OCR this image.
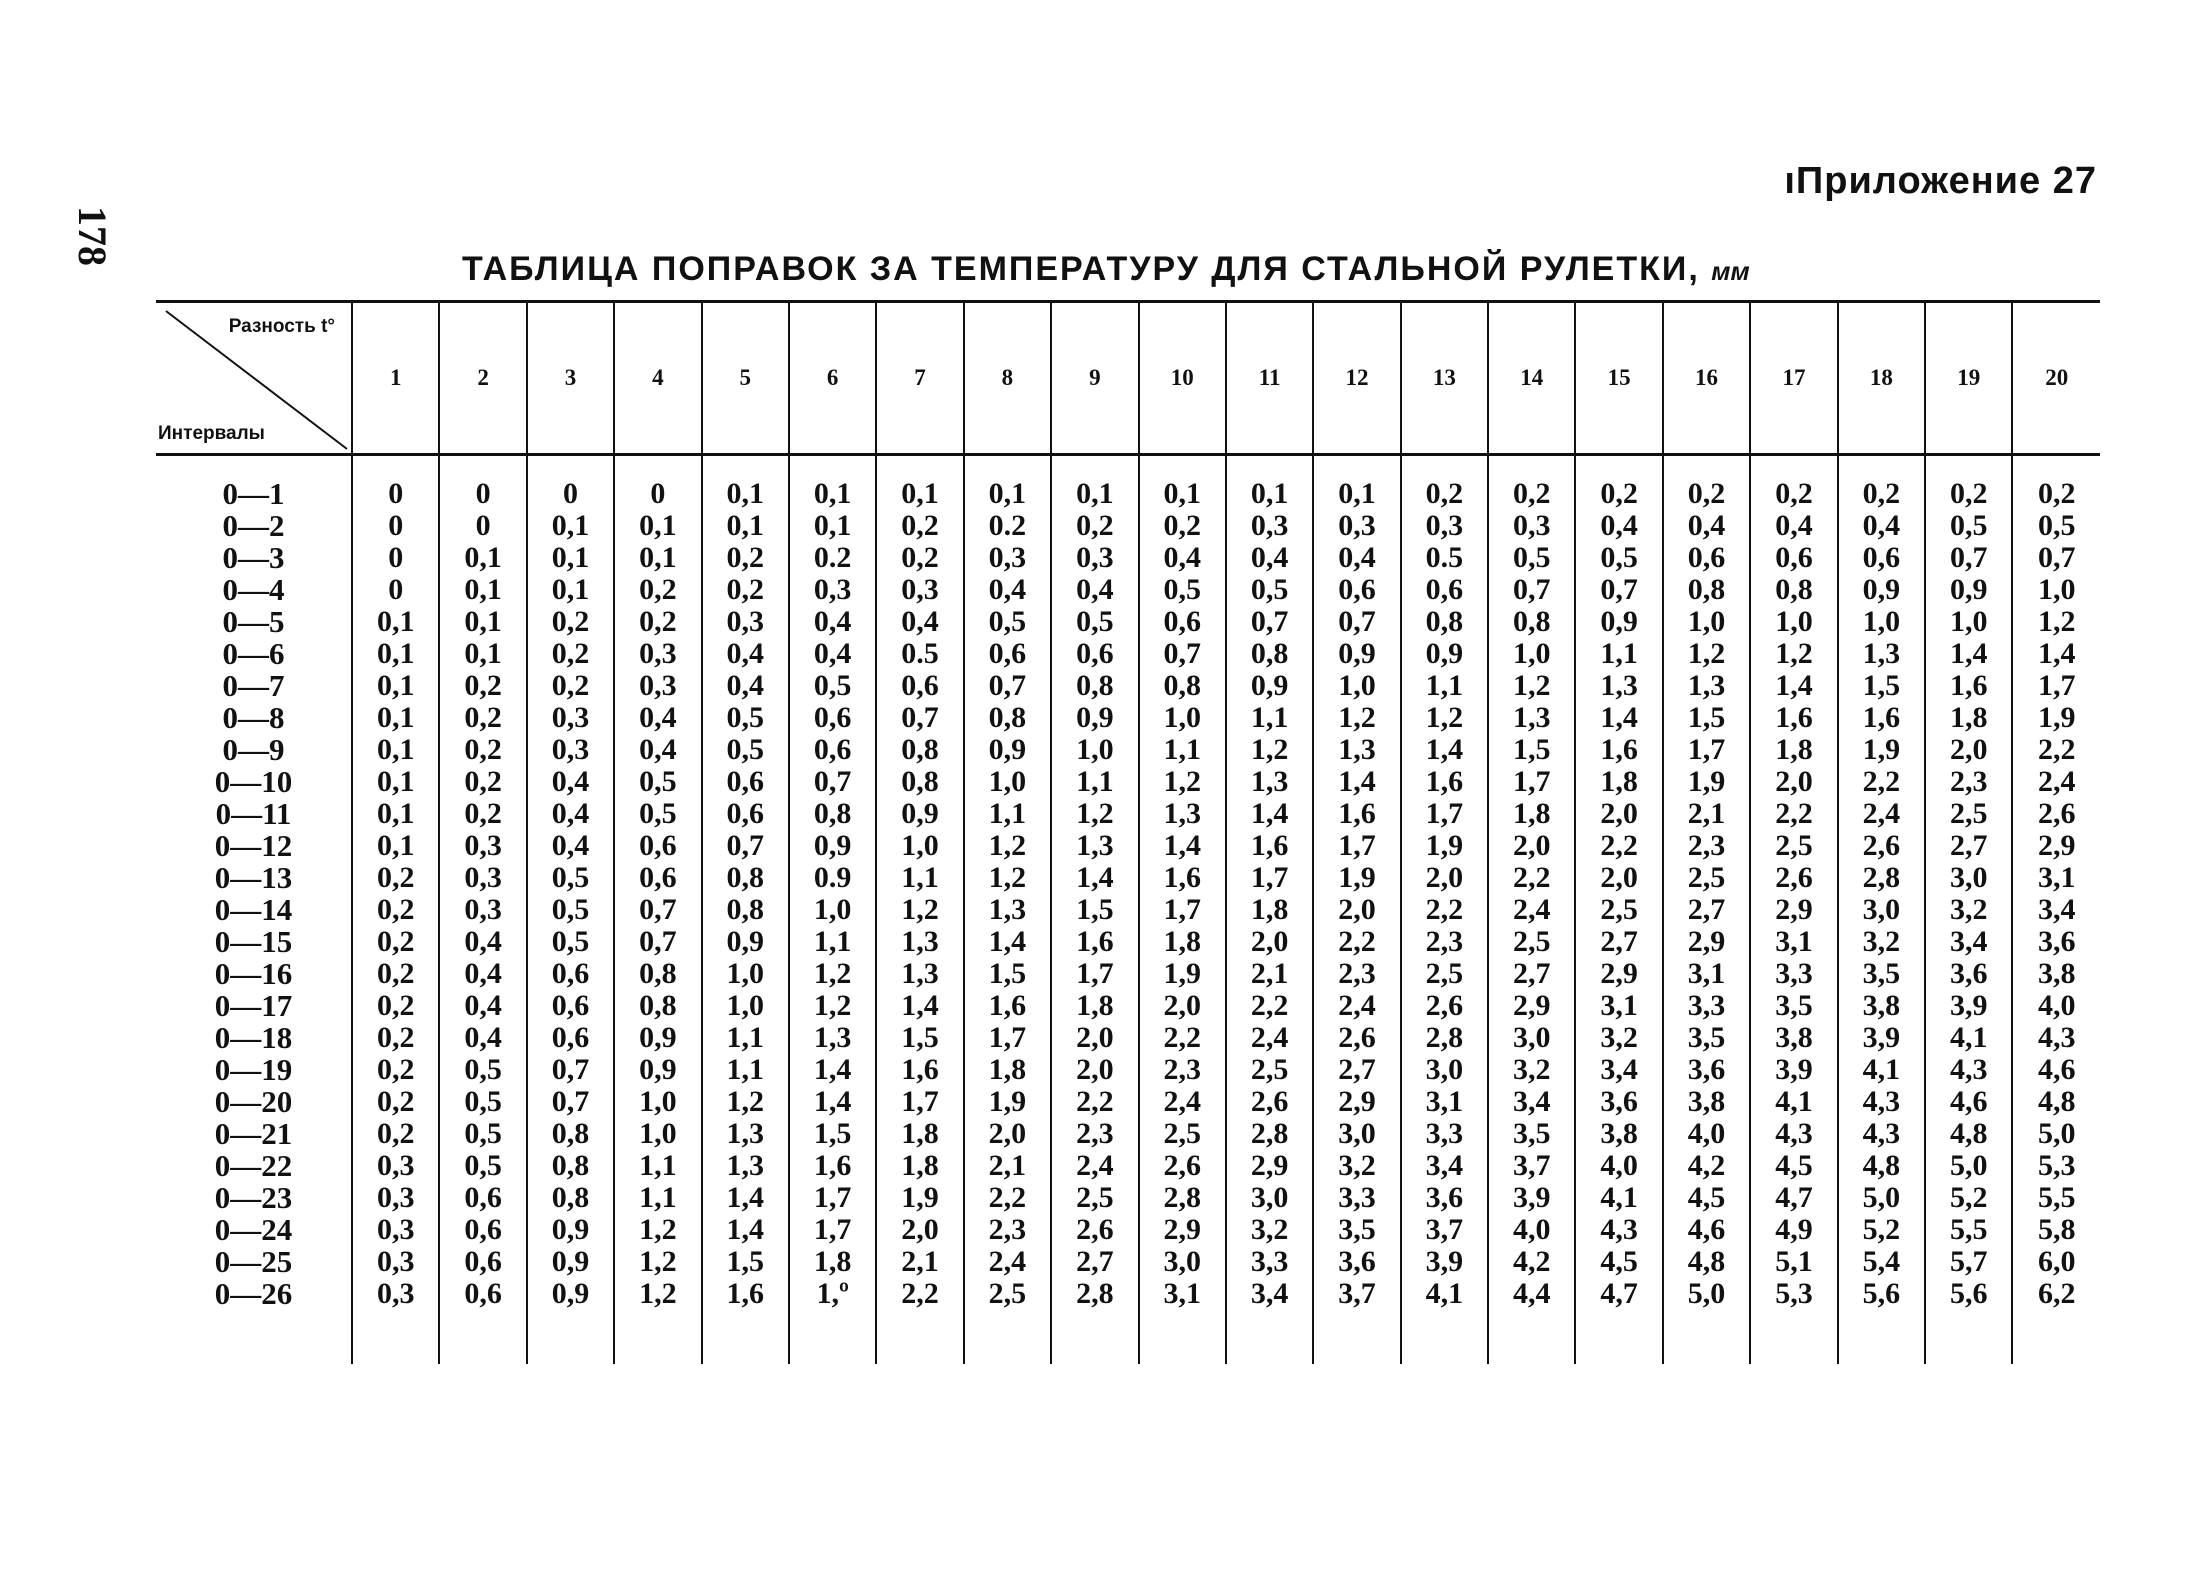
178
ıПриложение 27
ТАБЛИЦА ПОПРАВОК ЗА ТЕМПЕРАТУРУ ДЛЯ СТАЛЬНОЙ РУЛЕТКИ, мм
Разность t°
Интервалы	1	2	3	4	5	6	7	8	9	10	11	12	13	14	15	16	17	18	19	20
0—1	0	0	0	0	0,1	0,1	0,1	0,1	0,1	0,1	0,1	0,1	0,2	0,2	0,2	0,2	0,2	0,2	0,2	0,2
0—2	0	0	0,1	0,1	0,1	0,1	0,2	0.2	0,2	0,2	0,3	0,3	0,3	0,3	0,4	0,4	0,4	0,4	0,5	0,5
0—3	0	0,1	0,1	0,1	0,2	0.2	0,2	0,3	0,3	0,4	0,4	0,4	0.5	0,5	0,5	0,6	0,6	0,6	0,7	0,7
0—4	0	0,1	0,1	0,2	0,2	0,3	0,3	0,4	0,4	0,5	0,5	0,6	0,6	0,7	0,7	0,8	0,8	0,9	0,9	1,0
0—5	0,1	0,1	0,2	0,2	0,3	0,4	0,4	0,5	0,5	0,6	0,7	0,7	0,8	0,8	0,9	1,0	1,0	1,0	1,0	1,2
0—6	0,1	0,1	0,2	0,3	0,4	0,4	0.5	0,6	0,6	0,7	0,8	0,9	0,9	1,0	1,1	1,2	1,2	1,3	1,4	1,4
0—7	0,1	0,2	0,2	0,3	0,4	0,5	0,6	0,7	0,8	0,8	0,9	1,0	1,1	1,2	1,3	1,3	1,4	1,5	1,6	1,7
0—8	0,1	0,2	0,3	0,4	0,5	0,6	0,7	0,8	0,9	1,0	1,1	1,2	1,2	1,3	1,4	1,5	1,6	1,6	1,8	1,9
0—9	0,1	0,2	0,3	0,4	0,5	0,6	0,8	0,9	1,0	1,1	1,2	1,3	1,4	1,5	1,6	1,7	1,8	1,9	2,0	2,2
0—10	0,1	0,2	0,4	0,5	0,6	0,7	0,8	1,0	1,1	1,2	1,3	1,4	1,6	1,7	1,8	1,9	2,0	2,2	2,3	2,4
0—11	0,1	0,2	0,4	0,5	0,6	0,8	0,9	1,1	1,2	1,3	1,4	1,6	1,7	1,8	2,0	2,1	2,2	2,4	2,5	2,6
0—12	0,1	0,3	0,4	0,6	0,7	0,9	1,0	1,2	1,3	1,4	1,6	1,7	1,9	2,0	2,2	2,3	2,5	2,6	2,7	2,9
0—13	0,2	0,3	0,5	0,6	0,8	0.9	1,1	1,2	1,4	1,6	1,7	1,9	2,0	2,2	2,0	2,5	2,6	2,8	3,0	3,1
0—14	0,2	0,3	0,5	0,7	0,8	1,0	1,2	1,3	1,5	1,7	1,8	2,0	2,2	2,4	2,5	2,7	2,9	3,0	3,2	3,4
0—15	0,2	0,4	0,5	0,7	0,9	1,1	1,3	1,4	1,6	1,8	2,0	2,2	2,3	2,5	2,7	2,9	3,1	3,2	3,4	3,6
0—16	0,2	0,4	0,6	0,8	1,0	1,2	1,3	1,5	1,7	1,9	2,1	2,3	2,5	2,7	2,9	3,1	3,3	3,5	3,6	3,8
0—17	0,2	0,4	0,6	0,8	1,0	1,2	1,4	1,6	1,8	2,0	2,2	2,4	2,6	2,9	3,1	3,3	3,5	3,8	3,9	4,0
0—18	0,2	0,4	0,6	0,9	1,1	1,3	1,5	1,7	2,0	2,2	2,4	2,6	2,8	3,0	3,2	3,5	3,8	3,9	4,1	4,3
0—19	0,2	0,5	0,7	0,9	1,1	1,4	1,6	1,8	2,0	2,3	2,5	2,7	3,0	3,2	3,4	3,6	3,9	4,1	4,3	4,6
0—20	0,2	0,5	0,7	1,0	1,2	1,4	1,7	1,9	2,2	2,4	2,6	2,9	3,1	3,4	3,6	3,8	4,1	4,3	4,6	4,8
0—21	0,2	0,5	0,8	1,0	1,3	1,5	1,8	2,0	2,3	2,5	2,8	3,0	3,3	3,5	3,8	4,0	4,3	4,3	4,8	5,0
0—22	0,3	0,5	0,8	1,1	1,3	1,6	1,8	2,1	2,4	2,6	2,9	3,2	3,4	3,7	4,0	4,2	4,5	4,8	5,0	5,3
0—23	0,3	0,6	0,8	1,1	1,4	1,7	1,9	2,2	2,5	2,8	3,0	3,3	3,6	3,9	4,1	4,5	4,7	5,0	5,2	5,5
0—24	0,3	0,6	0,9	1,2	1,4	1,7	2,0	2,3	2,6	2,9	3,2	3,5	3,7	4,0	4,3	4,6	4,9	5,2	5,5	5,8
0—25	0,3	0,6	0,9	1,2	1,5	1,8	2,1	2,4	2,7	3,0	3,3	3,6	3,9	4,2	4,5	4,8	5,1	5,4	5,7	6,0
0—26	0,3	0,6	0,9	1,2	1,6	1,º	2,2	2,5	2,8	3,1	3,4	3,7	4,1	4,4	4,7	5,0	5,3	5,6	5,6	6,2
